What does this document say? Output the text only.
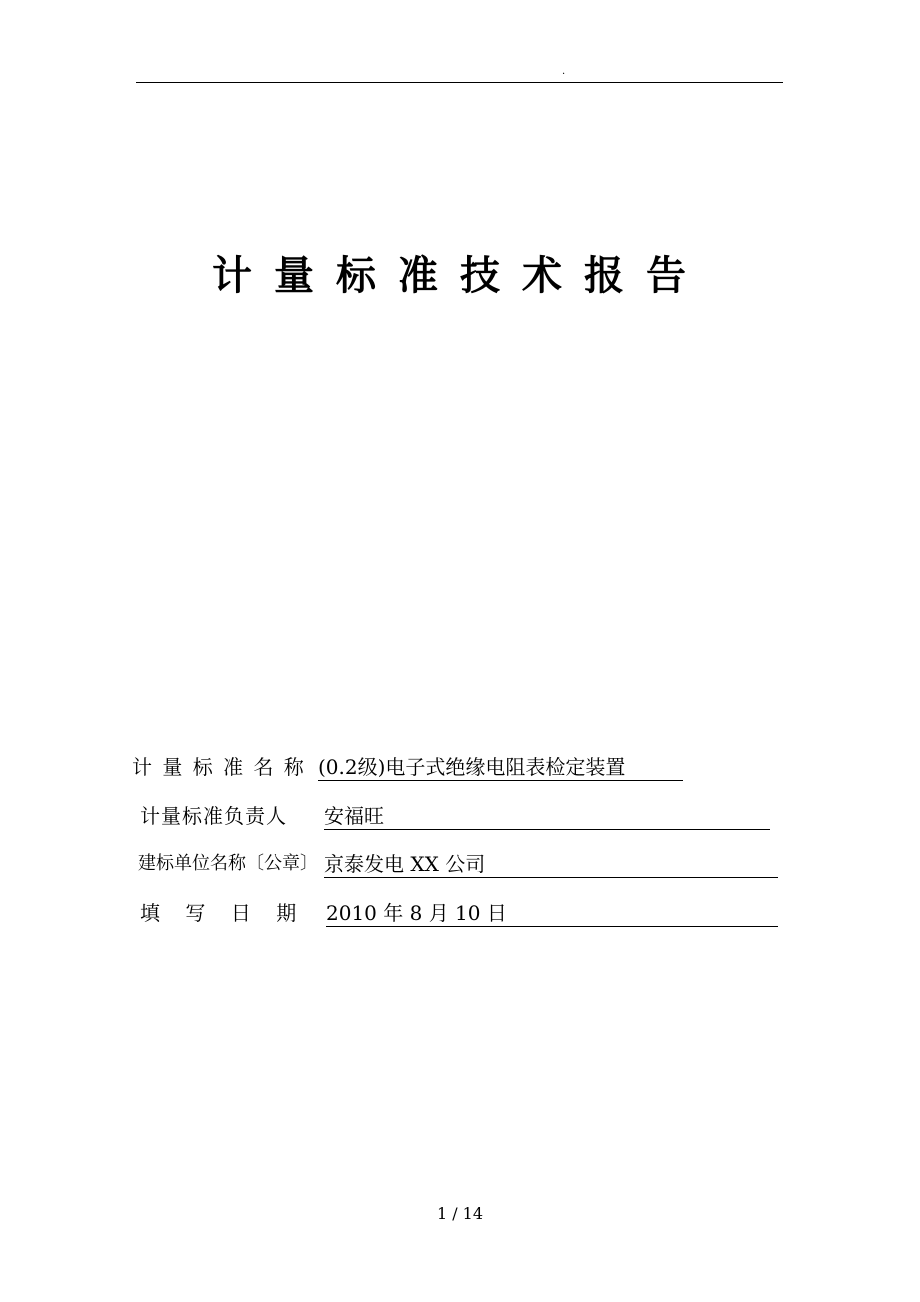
.
计量标准技术报告
计 量 标 准 名 称 (0.2级)电子式绝缘电阻表检定装置
计量标准负责人 安福旺
建标单位名称〔公章〕 京泰发电 XX 公司
填    写    日    期 2010 年 8 月 10 日
1 / 14
